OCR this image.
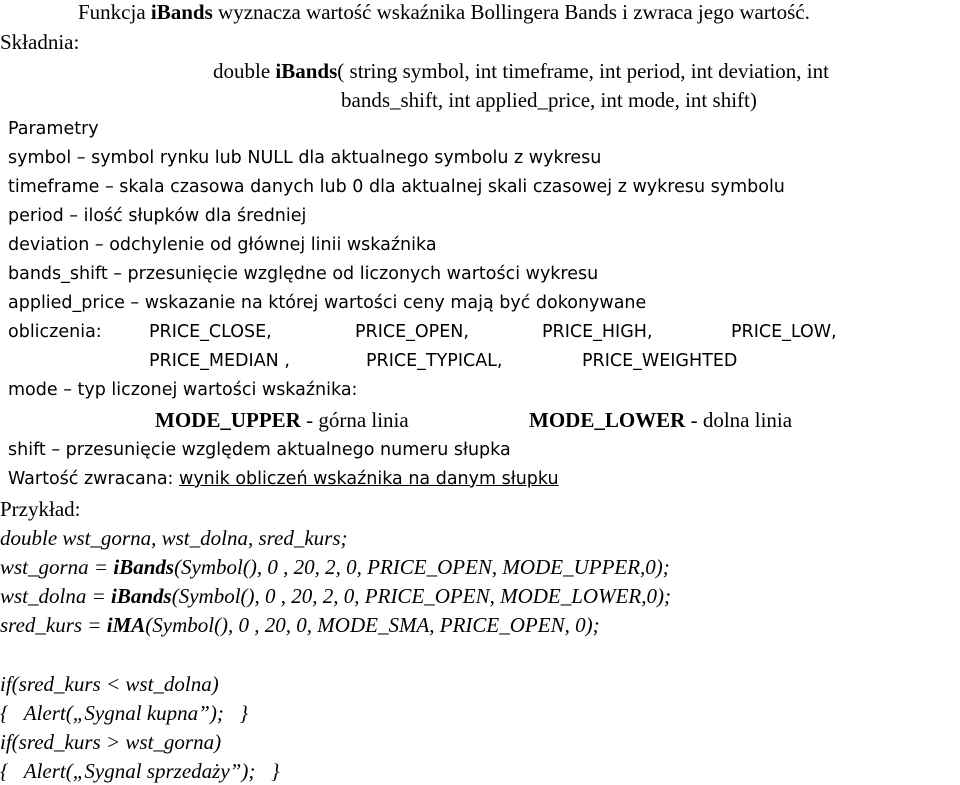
Funkcja iBands wyznacza wartość wskaźnika Bollingera Bands i zwraca jego wartość.
Składnia:
double iBands( string symbol, int timeframe, int period, int deviation, int
bands_shift, int applied_price, int mode, int shift)
Parametry
symbol – symbol rynku lub NULL dla aktualnego symbolu z wykresu
timeframe – skala czasowa danych lub 0 dla aktualnej skali czasowej z wykresu symbolu
period – ilość słupków dla średniej
deviation – odchylenie od głównej linii wskaźnika
bands_shift – przesunięcie względne od liczonych wartości wykresu
applied_price – wskazanie na której wartości ceny mają być dokonywane
obliczenia:	PRICE_CLOSE,	PRICE_OPEN,	PRICE_HIGH,	PRICE_LOW,
PRICE_MEDIAN ,	PRICE_TYPICAL,	PRICE_WEIGHTED
mode – typ liczonej wartości wskaźnika:
MODE_UPPER - górna linia	MODE_LOWER - dolna linia
shift – przesunięcie względem aktualnego numeru słupka
Wartość zwracana: wynik obliczeń wskaźnika na danym słupku
Przykład:
double wst_gorna, wst_dolna, sred_kurs;
wst_gorna = iBands(Symbol(), 0 , 20, 2, 0, PRICE_OPEN, MODE_UPPER,0);
wst_dolna = iBands(Symbol(), 0 , 20, 2, 0, PRICE_OPEN, MODE_LOWER,0);
sred_kurs = iMA(Symbol(), 0 , 20, 0, MODE_SMA, PRICE_OPEN, 0);
if(sred_kurs < wst_dolna)
{   Alert(„Sygnal kupna”);   }
if(sred_kurs > wst_gorna)
{   Alert(„Sygnal sprzedaży”);   }
